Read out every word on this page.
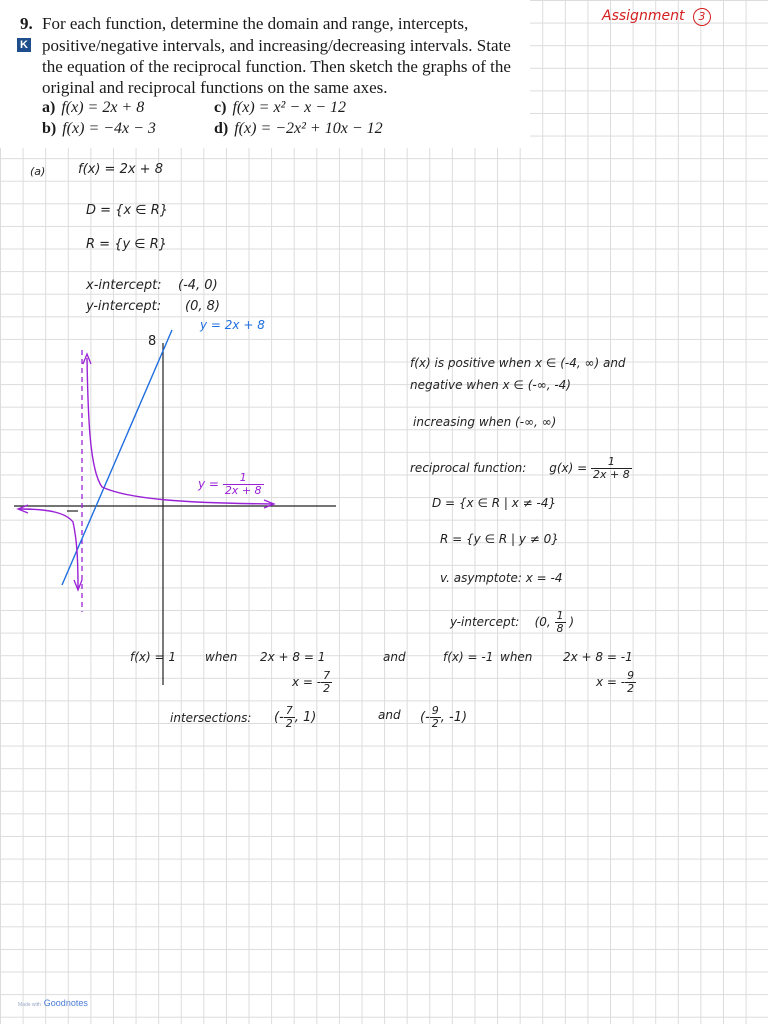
9.
K
For each function, determine the domain and range, intercepts,
positive/negative intervals, and increasing/decreasing intervals. State
the equation of the reciprocal function. Then sketch the graphs of the
original and reciprocal functions on the same axes.
a) f(x) = 2x + 8	c) f(x) = x² − x − 12
b) f(x) = −4x − 3	d) f(x) = −2x² + 10x − 12
Assignment 3
(a)	f(x) = 2x + 8
D = {x ∈ R}
R = {y ∈ R}
x-intercept: (-4, 0)
y-intercept: (0, 8)
8
y = 2x + 8
$y = \frac{1}{2x + 8}$
f(x) is positive when x ∈ (-4, ∞) and
negative when x ∈ (-∞, -4)
increasing when (-∞, ∞)
reciprocal function: $g(x) = \frac{1}{2x + 8}$
D = {x ∈ R | x ≠ -4}
R = {y ∈ R | y ≠ 0}
v. asymptote: x = -4
y-intercept: (0, $\frac{1}{8}$ )
f(x) = 1 when 2x + 8 = 1
x = - $\frac{7}{2}$
and	f(x) = -1 when	2x + 8 = -1
x = - $\frac{9}{2}$
intersections: (- $\frac{7}{2}$ , 1)	and (- $\frac{9}{2}$ , -1)
Made with Goodnotes
